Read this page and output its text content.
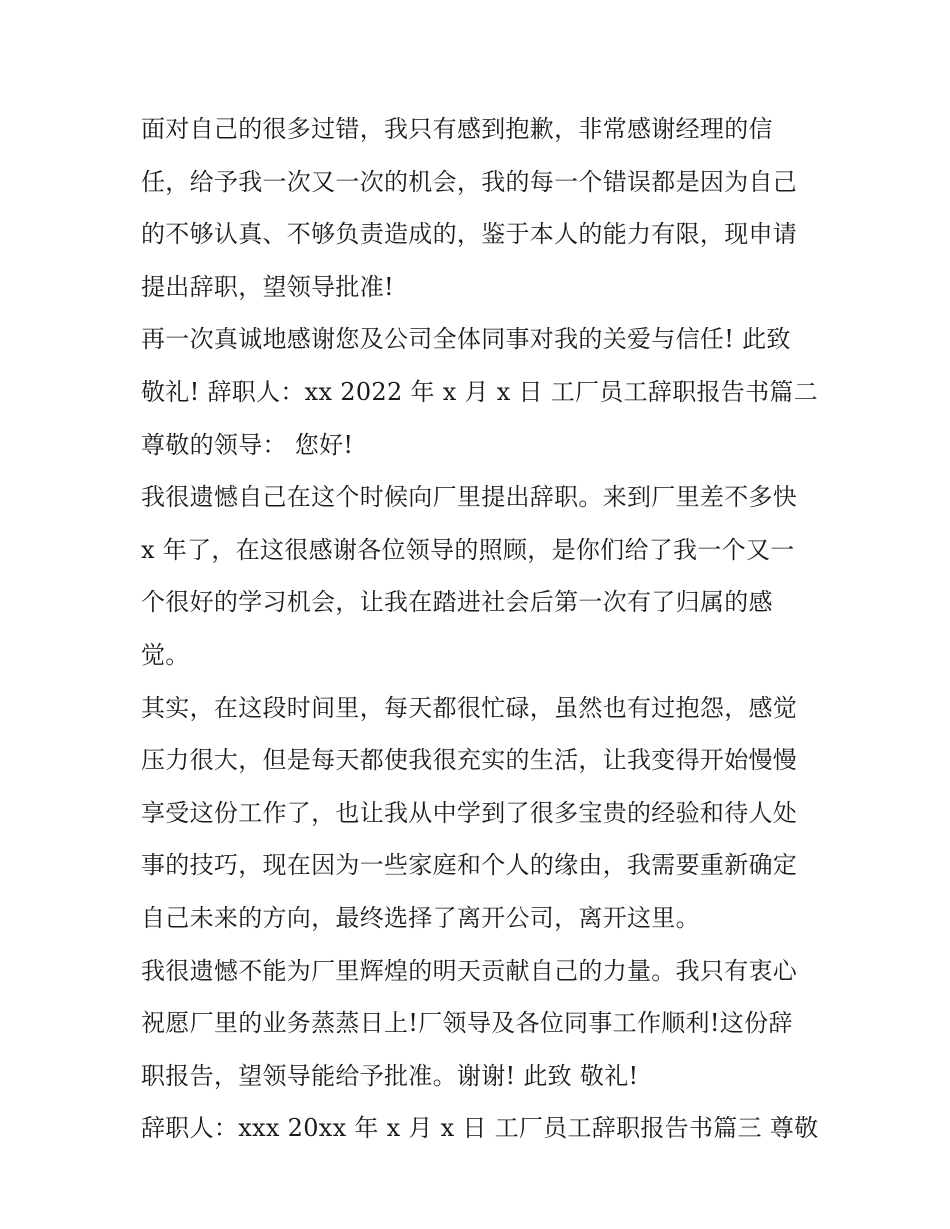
面对自己的很多过错，我只有感到抱歉，非常感谢经理的信
任，给予我一次又一次的机会，我的每一个错误都是因为自己
的不够认真、不够负责造成的，鉴于本人的能力有限，现申请
提出辞职，望领导批准!
再一次真诚地感谢您及公司全体同事对我的关爱与信任! 此致
敬礼! 辞职人：xx 2022 年 x 月 x 日 工厂员工辞职报告书篇二
尊敬的领导： 您好!
我很遗憾自己在这个时候向厂里提出辞职。来到厂里差不多快
x 年了，在这很感谢各位领导的照顾，是你们给了我一个又一
个很好的学习机会，让我在踏进社会后第一次有了归属的感
觉。
其实，在这段时间里，每天都很忙碌，虽然也有过抱怨，感觉
压力很大，但是每天都使我很充实的生活，让我变得开始慢慢
享受这份工作了，也让我从中学到了很多宝贵的经验和待人处
事的技巧，现在因为一些家庭和个人的缘由，我需要重新确定
自己未来的方向，最终选择了离开公司，离开这里。
我很遗憾不能为厂里辉煌的明天贡献自己的力量。我只有衷心
祝愿厂里的业务蒸蒸日上!厂领导及各位同事工作顺利!这份辞
职报告，望领导能给予批准。谢谢! 此致 敬礼!
辞职人：xxx 20xx 年 x 月 x 日 工厂员工辞职报告书篇三 尊敬
